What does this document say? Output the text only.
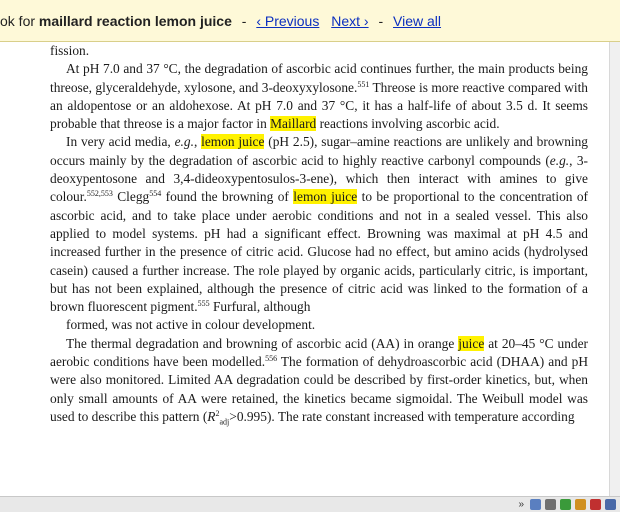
ok for maillard reaction lemon juice - ‹ Previous Next › - View all

fission.

At pH 7.0 and 37 °C, the degradation of ascorbic acid continues further, the main products being threose, glyceraldehyde, xylosone, and 3-deoxyxylosone.$^{551}$ Threose is more reactive compared with an aldopentose or an aldohexose. At pH 7.0 and 37 °C, it has a half-life of about 3.5 d. It seems probable that threose is a major factor in Maillard reactions involving ascorbic acid.

In very acid media, e.g., lemon juice (pH 2.5), sugar–amine reactions are unlikely and browning occurs mainly by the degradation of ascorbic acid to highly reactive carbonyl compounds (e.g., 3-deoxypentosone and 3,4-dideoxypentosulos-3-ene), which then interact with amines to give colour.$^{552,553}$ Clegg$^{554}$ found the browning of lemon juice to be proportional to the concentration of ascorbic acid, and to take place under aerobic conditions and not in a sealed vessel. This also applied to model systems. pH had a significant effect. Browning was maximal at pH 4.5 and increased further in the presence of citric acid. Glucose had no effect, but amino acids (hydrolysed casein) caused a further increase. The role played by organic acids, particularly citric, is important, but has not been explained, although the presence of citric acid was linked to the formation of a brown fluorescent pigment.$^{555}$ Furfural, although

formed, was not active in colour development.

The thermal degradation and browning of ascorbic acid (AA) in orange juice at 20–45 °C under aerobic conditions have been modelled.$^{556}$ The formation of dehydroascorbic acid (DHAA) and pH were also monitored. Limited AA degradation could be described by first-order kinetics, but, when only small amounts of AA were retained, the kinetics became sigmoidal. The Weibull model was used to describe this pattern $(R^2_{adj}>0.995)$. The rate constant increased with temperature according

»
